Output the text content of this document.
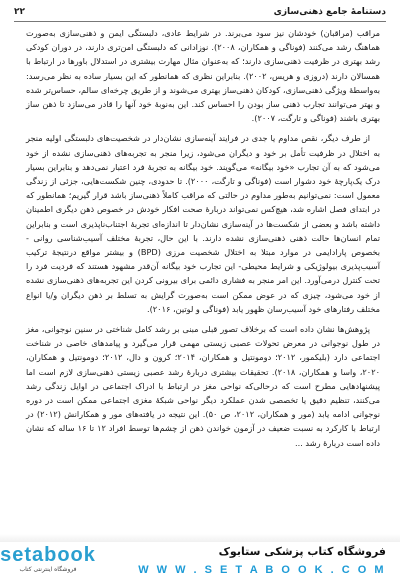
دستنامهٔ جامع ذهنی‌سازی
۲۲

مراقب (مراقبان) خودشان نیز سود می‌برند. در شرایط عادی، دلبستگی ایمن و ذهنی‌سازی به‌صورت هماهنگ رشد می‌کنند (فوناگی و همکاران، ۲۰۰۸). نوزادانی که دلبستگی امن‌تری دارند، در دوران کودکی رشد بهتری در ظرفیت ذهنی‌سازی دارند؛ که به‌عنوان مثال مهارت بیشتری در استدلال باورها در ارتباط با همسالان دارند (دروزی و هریس، ۲۰۰۲). بنابراین نظری که همانطور که این بسیار ساده به نظر می‌رسد: به‌واسطهٔ ویژگی ذهنی‌سازی، کودکان ذهنی‌ساز بهتری می‌شوند و از طریق چرخه‌ای سالم، حساس‌تر شده و بهتر می‌توانند تجارب ذهنی ساز بودن را احساس کند. این به‌نوبهٔ خود آنها را قادر می‌سازد تا ذهن ساز بهتری باشند (فوناگی و تارگت، ۲۰۰۷).

از طرف دیگر، نقص مداوم یا جدی در فرایند آینه‌سازی نشان‌دار در شخصیت‌های دلبستگی اولیه منجر به اختلال در ظرفیت تأمل بر خود و دیگران می‌شود، زیرا منجر به تجربه‌های ذهنی‌سازی نشده از خود می‌شود که به آن تجارب «خود بیگانه» می‌گویند. خود بیگانه به تجربهٔ فرد اعتبار نمی‌دهد و بنابراین بسیار درک یک‌پارچهٔ خود دشوار است (فوناگی و تارگت، ۲۰۰۰). تا حدودی، چنین شکست‌هایی، جزئی از زندگی معمول است: نمی‌توانیم به‌طور مداوم در حالتی که مراقب کاملاً ذهنی‌ساز باشد قرار گیریم؛ همانطور که در ابتدای فصل اشاره شد، هیچ‌کس نمی‌تواند دربارهٔ صحت افکار خودش در خصوص ذهن دیگری اطمینان داشته باشد و بعضی از شکست‌ها در آینه‌سازی نشان‌دار تا اندازه‌ای تجربهٔ اجتناب‌ناپذیری است و بنابراین تمام انسان‌ها حالت ذهنی ذهنی‌سازی نشده دارند. با این حال، تجربهٔ مختلف آسیب‌شناسی روانی - بخصوص پارادایمی در موارد مبتلا به اختلال شخصیت مرزی (BPD) و بیشتر مواقع درنتیجهٔ ترکیب آسیب‌پذیری بیولوژیکی و شرایط محیطی- این تجارب خود بیگانه آن‌قدر مشهود هستند که فردیت فرد را تحت کنترل درمی‌آورد. این امر منجر به فشاری دائمی برای بیرونی کردن این تجربه‌های ذهنی‌سازی نشده از خود می‌شود، چیزی که در عوض ممکن است به‌صورت گرایش به تسلط بر ذهن دیگران و/یا انواع مختلف رفتارهای خود آسیب‌رسان ظهور یابد (فوناگی و لوتین، ۲۰۱۶).

پژوهش‌ها نشان داده است که برخلاف تصور قبلی مبنی بر رشد کامل شناختی در سنین نوجوانی، مغز در طول نوجوانی در معرض تحولات عصبی زیستی مهمی قرار می‌گیرد و پیامدهای خاصی در شناخت اجتماعی دارد (بلیکمور، ۲۰۱۲؛ دومونتیل و همکاران، ۲۰۱۴؛ کرون و دال، ۲۰۱۲؛ دومونتیل و همکاران، ۲۰۲۰، واسا و همکاران، ۲۰۱۸). تحقیقات بیشتری دربارهٔ رشد عصبی زیستی ذهنی‌سازی لازم است اما پیشنهادهایی مطرح است که درحالی‌که نواحی مغز در ارتباط با ادراک اجتماعی در اوایل زندگی رشد می‌کنند، تنظیم دقیق یا تخصصی شدن عملکرد دیگر نواحی شبکهٔ مغزی اجتماعی ممکن است در دوره نوجوانی ادامه یابد (مور و همکاران، ۲۰۱۲، ص ۵۰). این نتیجه در یافته‌های مور و همکارانش (۲۰۱۲) در ارتباط با کارکرد به نسبت ضعیف در آزمون خواندن ذهن از چشم‌ها توسط افراد ۱۲ تا ۱۶ ساله که نشان داده است دربارهٔ رشد ...

setabook
فروشگاه اینترنتی کتاب
فروشگاه کتاب پزشکی ستابوک
W W W . S E T A B O O K . C O M
